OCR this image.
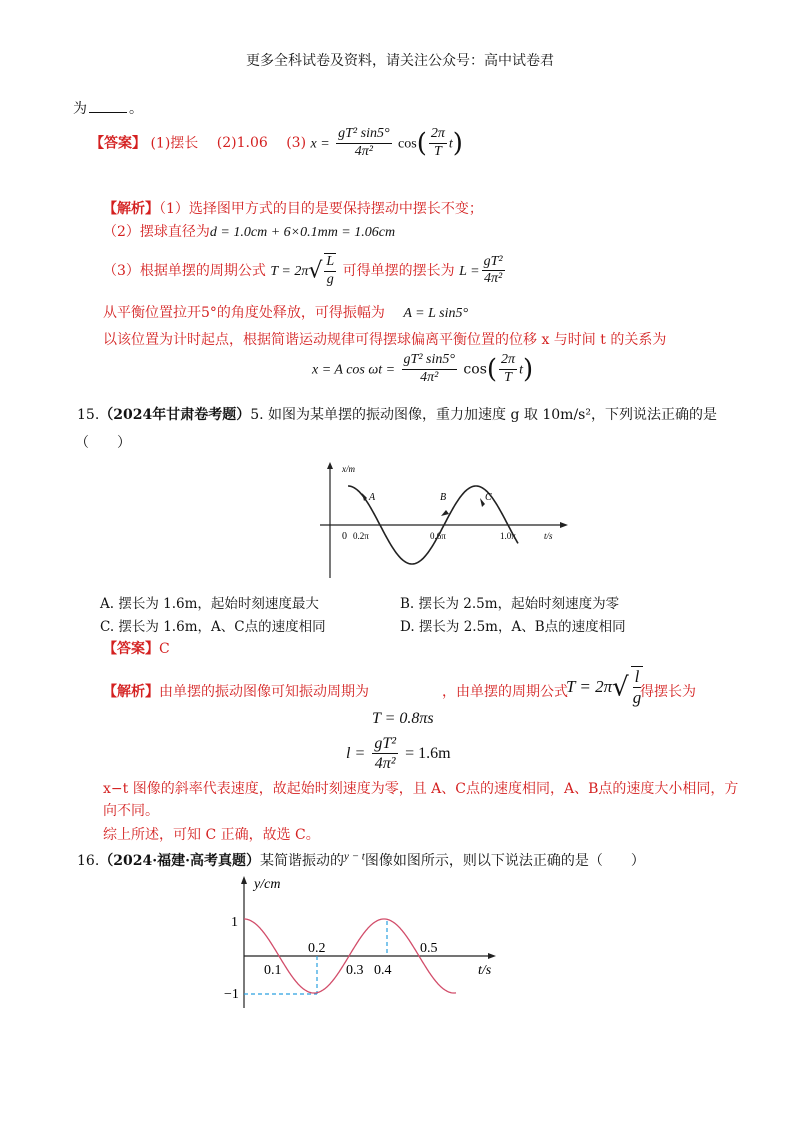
更多全科试卷及资料，请关注公众号：高中试卷君
为	。
【答案】 (1)摆长 (2)1.06 (3) $x = \frac{\text{gT² sin5°}}{\text{4π²}} \cos( \frac{2\pi}{T} t)$
【解析】（1）选择图甲方式的目的是要保持摆动中摆长不变；
（2）摆球直径为d = 1.0cm + 6×0.1mm = 1.06cm
（3）根据单摆的周期公式 $T = 2\pi√ \frac{L}{g}$ 可得单摆的摆长为 $L = \frac{\text{gT²}}{\text{4π²}}$
从平衡位置拉开5°的角度处释放，可得振幅为 A = L sin5°
以该位置为计时起点，根据简谐运动规律可得摆球偏离平衡位置的位移 x 与时间 t 的关系为
x = A $\cos \omega t = \frac{\text{gT² sin5°}}{\text{4π²}} \cos( \frac{2\pi}{T} t)$
15.（2024年甘肃卷考题）5. 如图为某单摆的振动图像，重力加速度 g 取 10m/s²，下列说法正确的是
（　　）
x/m
t/s
0 0.2π	0.6π	1.0π
A	B	C
A. 摆长为 1.6m，起始时刻速度最大	B. 摆长为 2.5m，起始时刻速度为零
C. 摆长为 1.6m，A、C点的速度相同	D. 摆长为 2.5m，A、B点的速度相同
【答案】C
【解析】由单摆的振动图像可知振动周期为	，由单摆的周期公式
$T = 2\pi√ \frac{l}{g}$
得摆长为
T = 0.8πs
$l = \frac{\text{gT²}}{\text{4π²}} = 1.6m$
x−t 图像的斜率代表速度，故起始时刻速度为零，且 A、C点的速度相同，A、B点的速度大小相同，方
向不同。
综上所述，可知 C 正确，故选 C。
16.（2024·福建·高考真题）某简谐振动的$^{y - t}$图像如图所示，则以下说法正确的是（　　）
y/cm
t/s
1
−1
0.2	0.5
0.1	0.3 0.4
